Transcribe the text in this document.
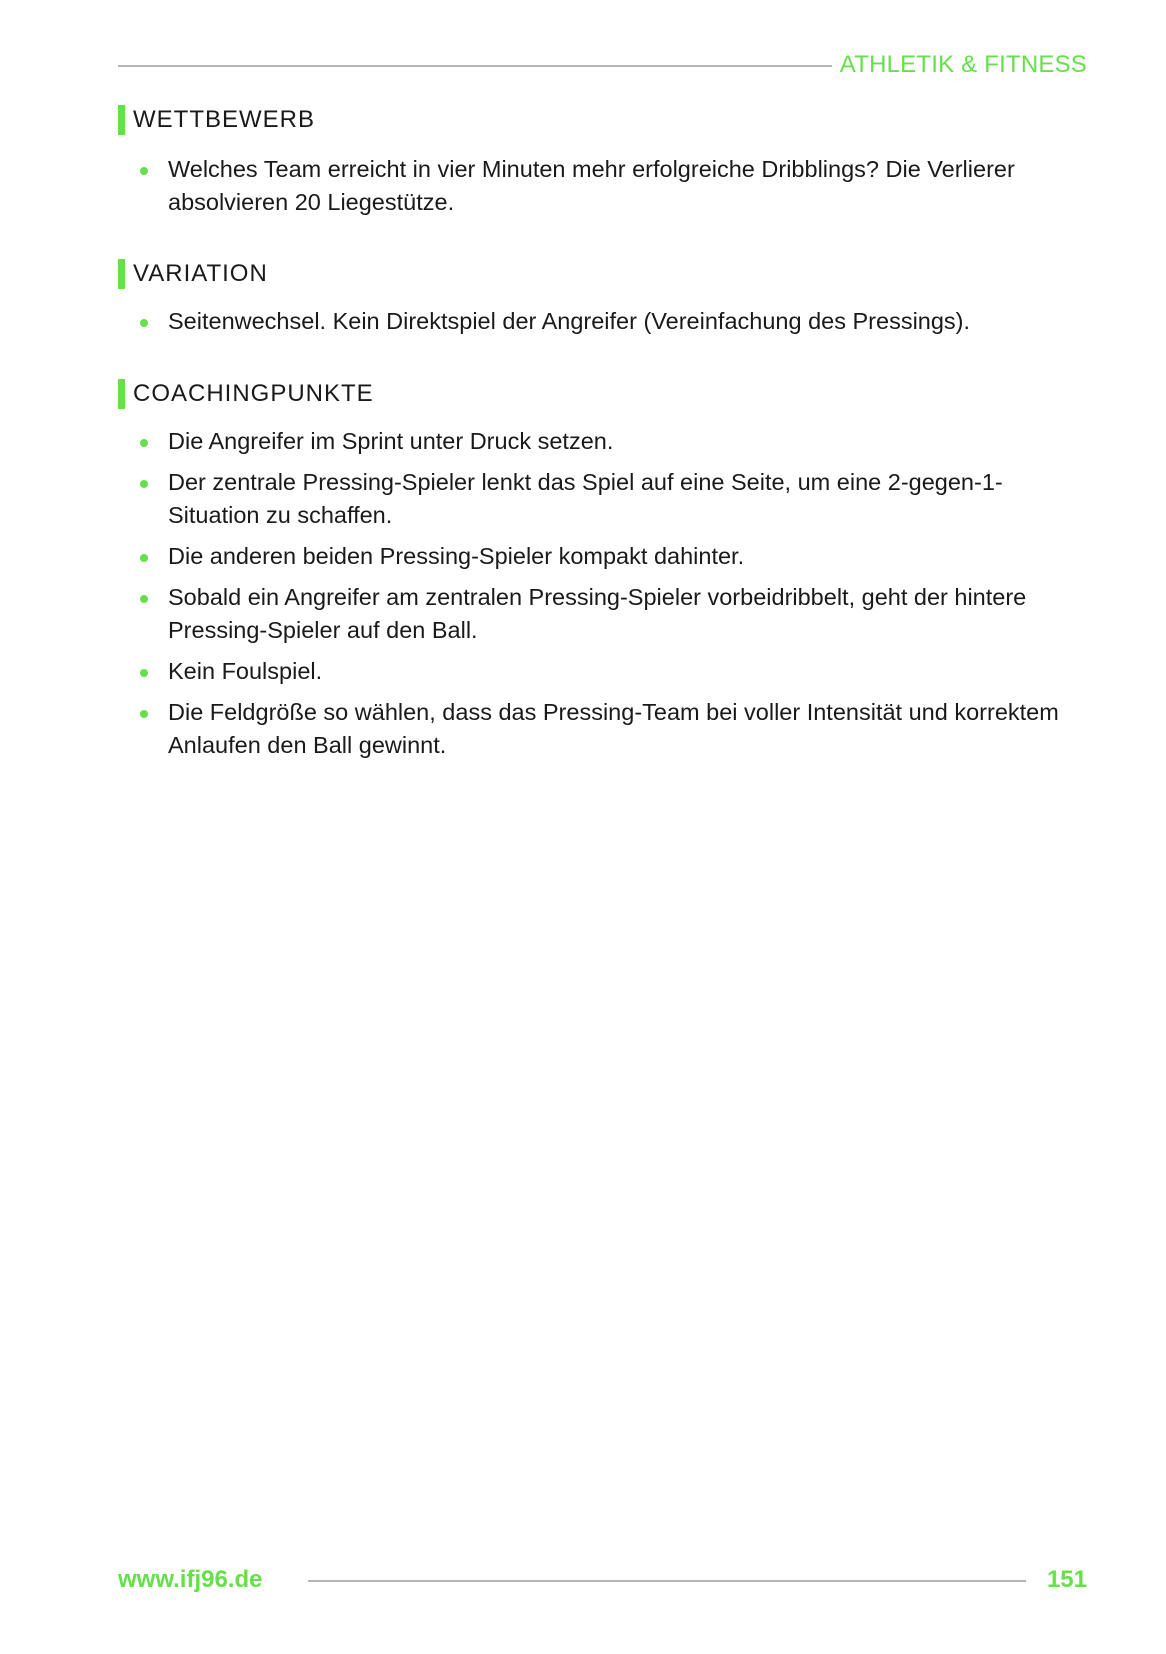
ATHLETIK & FITNESS
WETTBEWERB
Welches Team erreicht in vier Minuten mehr erfolgreiche Dribblings? Die Verlierer absolvieren 20 Liegestütze.
VARIATION
Seitenwechsel. Kein Direktspiel der Angreifer (Vereinfachung des Pressings).
COACHINGPUNKTE
Die Angreifer im Sprint unter Druck setzen.
Der zentrale Pressing-Spieler lenkt das Spiel auf eine Seite, um eine 2-gegen-1-Situation zu schaffen.
Die anderen beiden Pressing-Spieler kompakt dahinter.
Sobald ein Angreifer am zentralen Pressing-Spieler vorbeidribbelt, geht der hintere Pressing-Spieler auf den Ball.
Kein Foulspiel.
Die Feldgröße so wählen, dass das Pressing-Team bei voller Intensität und korrektem Anlaufen den Ball gewinnt.
www.ifj96.de	151
